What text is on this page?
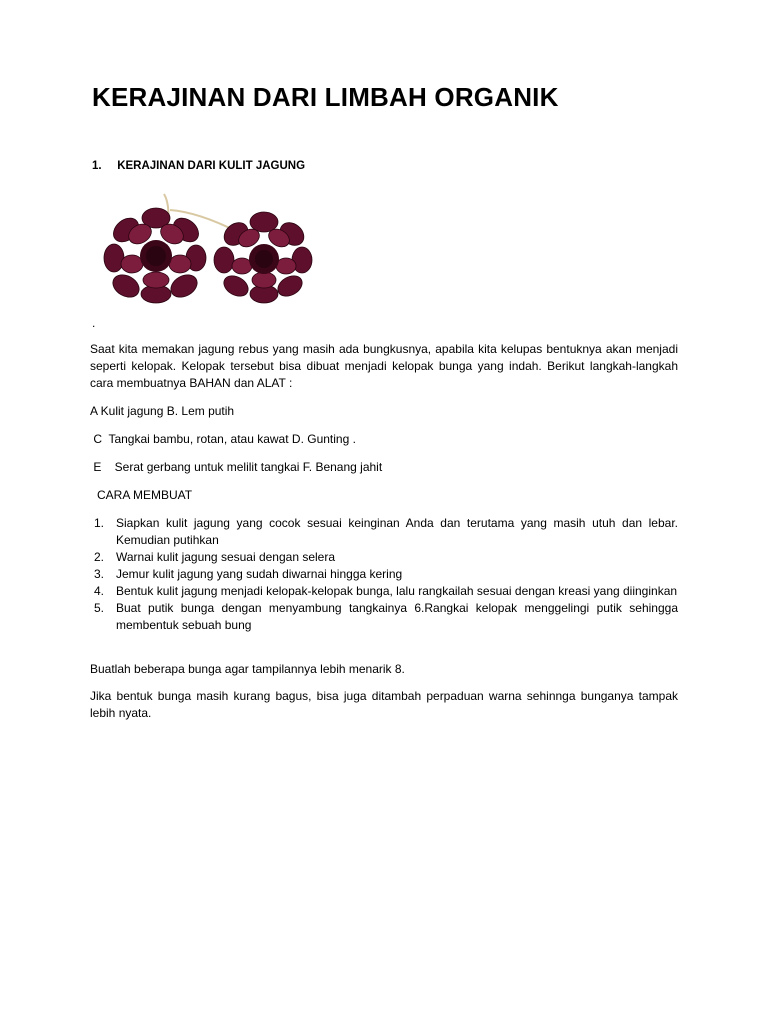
KERAJINAN DARI LIMBAH ORGANIK
1. KERAJINAN DARI KULIT JAGUNG
.

Saat kita memakan jagung rebus yang masih ada bungkusnya, apabila kita kelupas bentuknya akan menjadi seperti kelopak. Kelopak tersebut bisa dibuat menjadi kelopak bunga yang indah. Berikut langkah-langkah cara membuatnya BAHAN dan ALAT :

A Kulit jagung B. Lem putih
C  Tangkai bambu, rotan, atau kawat D. Gunting .
E    Serat gerbang untuk melilit tangkai F. Benang jahit
CARA MEMBUAT
1. Siapkan kulit jagung yang cocok sesuai keinginan Anda dan terutama yang masih utuh dan lebar. Kemudian putihkan
2. Warnai kulit jagung sesuai dengan selera
3. Jemur kulit jagung yang sudah diwarnai hingga kering
4. Bentuk kulit jagung menjadi kelopak-kelopak bunga, lalu rangkailah sesuai dengan kreasi yang diinginkan
5. Buat putik bunga dengan menyambung tangkainya 6.Rangkai kelopak menggelingi putik sehingga membentuk sebuah bung
Buatlah beberapa bunga agar tampilannya lebih menarik 8.

Jika bentuk bunga masih kurang bagus, bisa juga ditambah perpaduan warna sehinnga bunganya tampak lebih nyata.
